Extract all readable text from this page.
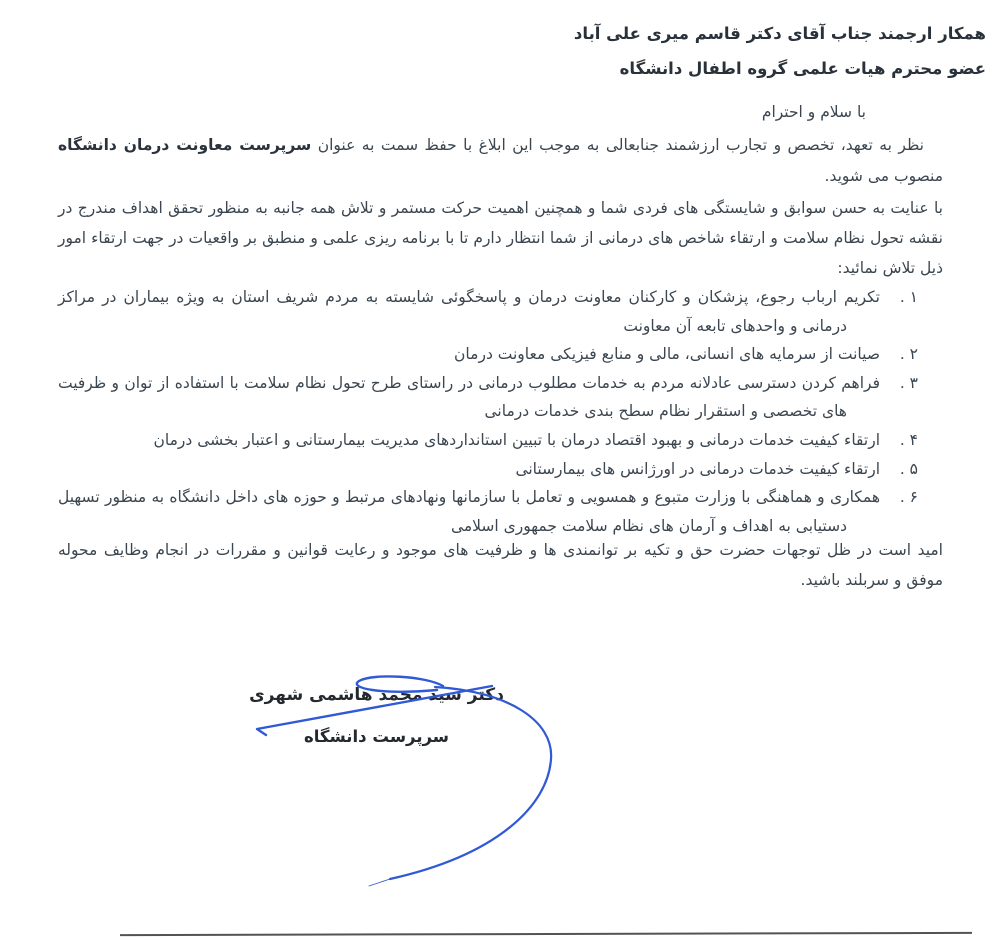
همکار ارجمند جناب آقای دکتر قاسم میری علی آباد
عضو محترم هیات علمی گروه اطفال دانشگاه
با سلام و احترام

نظر به تعهد، تخصص و تجارب ارزشمند جنابعالی به موجب این ابلاغ با حفظ سمت به عنوان سرپرست معاونت درمان دانشگاه منصوب می شوید.

با عنایت به حسن سوابق و شایستگی های فردی شما و همچنین اهمیت حرکت مستمر و تلاش همه جانبه به منظور تحقق اهداف مندرج در نقشه تحول نظام سلامت و ارتقاء شاخص های درمانی از شما انتظار دارم تا با برنامه ریزی علمی و منطبق بر واقعیات در جهت ارتقاء امور ذیل تلاش نمائید:

۱ .
تکریم ارباب رجوع، پزشکان و کارکنان معاونت درمان و پاسخگوئی شایسته به مردم شریف استان به ویژه بیماران در مراکز درمانی و واحدهای تابعه آن معاونت
۲ .
صیانت از سرمایه های انسانی، مالی و منابع فیزیکی معاونت درمان
۳ .
فراهم کردن دسترسی عادلانه مردم به خدمات مطلوب درمانی در راستای طرح تحول نظام سلامت با استفاده از توان و ظرفیت های تخصصی و استقرار نظام سطح بندی خدمات درمانی
۴ .
ارتقاء کیفیت خدمات درمانی و بهبود اقتصاد درمان با تبیین استانداردهای مدیریت بیمارستانی و اعتبار بخشی درمان
۵ .
ارتقاء کیفیت خدمات درمانی در اورژانس های بیمارستانی
۶ .
همکاری و هماهنگی با وزارت متبوع و همسویی و تعامل با سازمانها ونهادهای مرتبط و حوزه های داخل دانشگاه به منظور تسهیل دستیابی به اهداف و آرمان های نظام سلامت جمهوری اسلامی

امید است در ظل توجهات حضرت حق و تکیه بر توانمندی ها و ظرفیت های موجود و رعایت قوانین و مقررات در انجام وظایف محوله موفق و سربلند باشید.

دکتر سید محمد هاشمی شهری
سرپرست دانشگاه
